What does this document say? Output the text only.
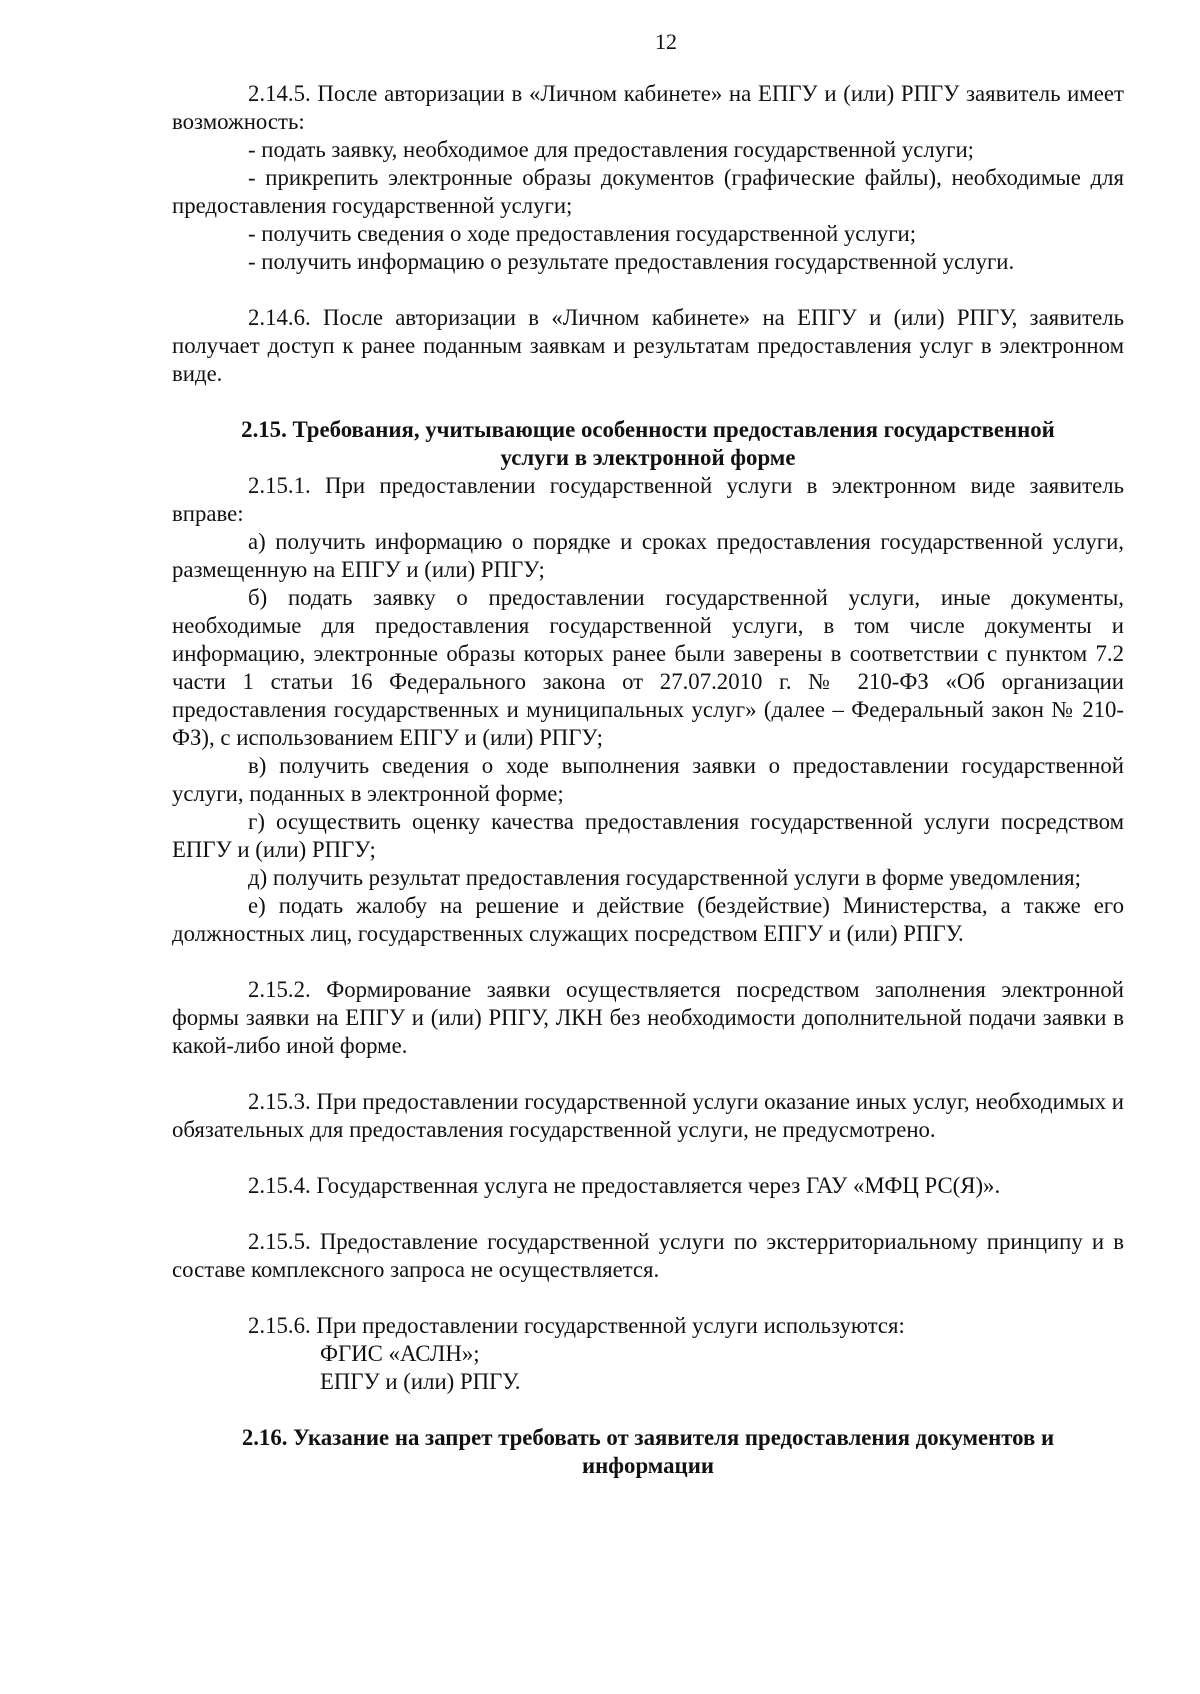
12

2.14.5. После авторизации в «Личном кабинете» на ЕПГУ и (или) РПГУ заявитель имеет возможность:

- подать заявку, необходимое для предоставления государственной услуги;

- прикрепить электронные образы документов (графические файлы), необходимые для предоставления государственной услуги;

- получить сведения о ходе предоставления государственной услуги;

- получить информацию о результате предоставления государственной услуги.

2.14.6. После авторизации в «Личном кабинете» на ЕПГУ и (или) РПГУ, заявитель получает доступ к ранее поданным заявкам и результатам предоставления услуг в электронном виде.

2.15. Требования, учитывающие особенности предоставления государственной
услуги в электронной форме

2.15.1. При предоставлении государственной услуги в электронном виде заявитель вправе:

а) получить информацию о порядке и сроках предоставления государственной услуги, размещенную на ЕПГУ и (или) РПГУ;

б) подать заявку о предоставлении государственной услуги, иные документы, необходимые для предоставления государственной услуги, в том числе документы и информацию, электронные образы которых ранее были заверены в соответствии с пунктом 7.2 части 1 статьи 16 Федерального закона от 27.07.2010 г. № 210-ФЗ «Об организации предоставления государственных и муниципальных услуг» (далее – Федеральный закон № 210-ФЗ), с использованием ЕПГУ и (или) РПГУ;

в) получить сведения о ходе выполнения заявки о предоставлении государственной услуги, поданных в электронной форме;

г) осуществить оценку качества предоставления государственной услуги посредством ЕПГУ и (или) РПГУ;

д) получить результат предоставления государственной услуги в форме уведомления;

е) подать жалобу на решение и действие (бездействие) Министерства, а также его должностных лиц, государственных служащих посредством ЕПГУ и (или) РПГУ.

2.15.2. Формирование заявки осуществляется посредством заполнения электронной формы заявки на ЕПГУ и (или) РПГУ, ЛКН без необходимости дополнительной подачи заявки в какой-либо иной форме.

2.15.3. При предоставлении государственной услуги оказание иных услуг, необходимых и обязательных для предоставления государственной услуги, не предусмотрено.

2.15.4. Государственная услуга не предоставляется через ГАУ «МФЦ РС(Я)».

2.15.5. Предоставление государственной услуги по экстерриториальному принципу и в составе комплексного запроса не осуществляется.

2.15.6. При предоставлении государственной услуги используются:

ФГИС «АСЛН»;

ЕПГУ и (или) РПГУ.

2.16. Указание на запрет требовать от заявителя предоставления документов и
информации
